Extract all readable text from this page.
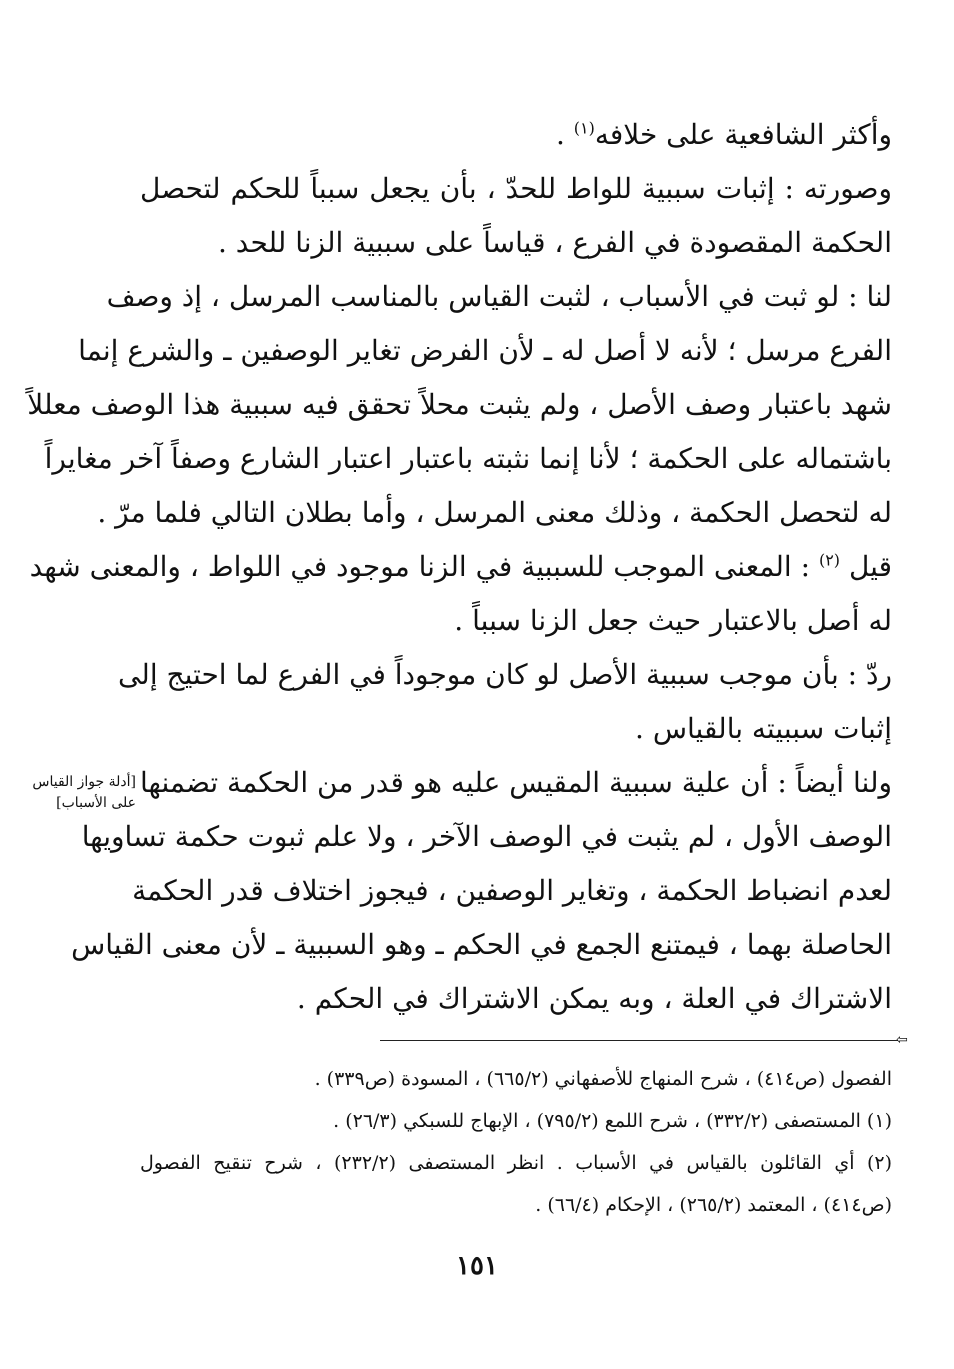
وأكثر الشافعية على خلافه$^{(١)}$ .
وصورته : إثبات سببية للواط للحدّ ، بأن يجعل سبباً للحكم لتحصل
الحكمة المقصودة في الفرع ، قياساً على سببية الزنا للحد .
لنا : لو ثبت في الأسباب ، لثبت القياس بالمناسب المرسل ، إذ وصف
الفرع مرسل ؛ لأنه لا أصل له ـ لأن الفرض تغاير الوصفين ـ والشرع إنما
شهد باعتبار وصف الأصل ، ولم يثبت محلاً تحقق فيه سببية هذا الوصف معللاً
باشتماله على الحكمة ؛ لأنا إنما نثبته باعتبار اعتبار الشارع وصفاً آخر مغايراً
له لتحصل الحكمة ، وذلك معنى المرسل ، وأما بطلان التالي فلما مرّ .
قيل $^{(٢)}$ : المعنى الموجب للسببية في الزنا موجود في اللواط ، والمعنى شهد
له أصل بالاعتبار حيث جعل الزنا سبباً .
ردّ : بأن موجب سببية الأصل لو كان موجوداً في الفرع لما احتيج إلى
إثبات سببيته بالقياس .
ولنا أيضاً : أن علية سببية المقيس عليه هو قدر من الحكمة تضمنها
الوصف الأول ، لم يثبت في الوصف الآخر ، ولا علم ثبوت حكمة تساويها
لعدم انضباط الحكمة ، وتغاير الوصفين ، فيجوز اختلاف قدر الحكمة
الحاصلة بهما ، فيمتنع الجمع في الحكم ـ وهو السببية ـ لأن معنى القياس
الاشتراك في العلة ، وبه يمكن الاشتراك في الحكم .
[أدلة جواز القياس على الأسباب]
⇦
الفصول (ص٤١٤) ، شرح المنهاج للأصفهاني (٦٦٥/٢) ، المسودة (ص٣٣٩) .
(١) المستصفى (٣٣٢/٢) ، شرح اللمع (٧٩٥/٢) ، الإبهاج للسبكي (٢٦/٣) .
(٢) أي القائلون بالقياس في الأسباب . انظر المستصفى (٢٣٢/٢) ، شرح تنقيح الفصول
(ص٤١٤) ، المعتمد (٢٦٥/٢) ، الإحكام (٦٦/٤) .
١٥١
